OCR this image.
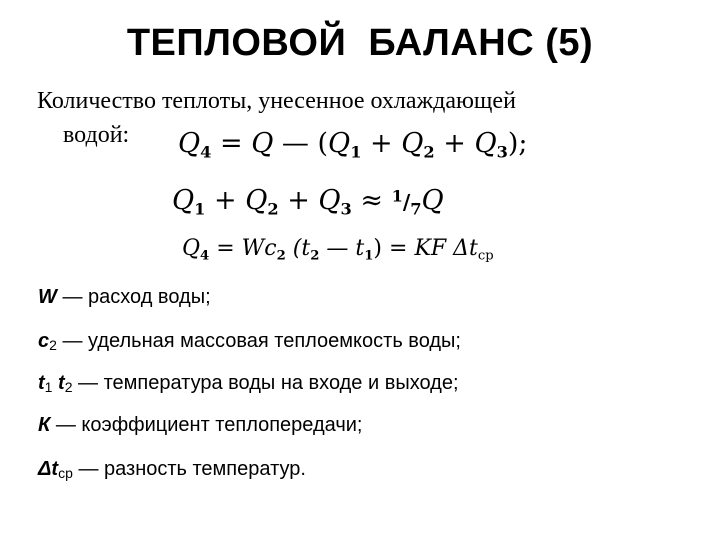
ТЕПЛОВОЙ  БАЛАНС (5)
Количество теплоты, унесенное охлаждающей
водой: $Q_4 = Q$ — $(Q_1 + Q_2 + Q_3)$;
$Q_1 + Q_2 + Q_3 \approx ^1/_7Q$
$Q_4 = Wc_2$ ($t_2$ — $t_1$) = KF $\Delta t_{ср}$
W — расход воды;
$с_2$ — удельная массовая теплоемкость воды;
$t_1$ $t_2$ — температура воды на входе и выходе;
К — коэффициент теплопередачи;
$\Delta t_{ср}$ — разность температур.
